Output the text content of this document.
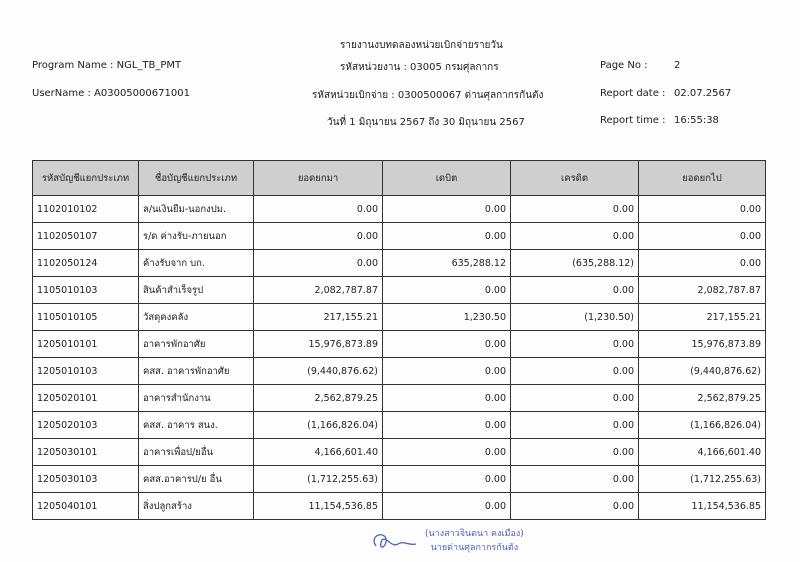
รายงานงบทดลองหน่วยเบิกจ่ายรายวัน
Program Name : NGL_TB_PMT
UserName : A03005000671001
รหัสหน่วยงาน : 03005 กรมศุลกากร
รหัสหน่วยเบิกจ่าย : 0300500067 ด่านศุลกากรกันตัง
วันที่ 1 มิถุนายน 2567 ถึง 30 มิถุนายน 2567
Page No :	2
Report date : 02.07.2567
Report time : 16:55:38
รหัสบัญชีแยกประเภท	ชื่อบัญชีแยกประเภท	ยอดยกมา	เดบิต	เครดิต	ยอดยกไป
1102010102	ล/นเงินยืม-นอกงปม.	0.00	0.00	0.00	0.00
1102050107	ร/ด ค่างรับ-ภายนอก	0.00	0.00	0.00	0.00
1102050124	ค้างรับจาก บก.	0.00	635,288.12	(635,288.12)	0.00
1105010103	สินค้าสำเร็จรูป	2,082,787.87	0.00	0.00	2,082,787.87
1105010105	วัสดุคงคลัง	217,155.21	1,230.50	(1,230.50)	217,155.21
1205010101	อาคารพักอาศัย	15,976,873.89	0.00	0.00	15,976,873.89
1205010103	คสส. อาคารพักอาศัย	(9,440,876.62)	0.00	0.00	(9,440,876.62)
1205020101	อาคารสำนักงาน	2,562,879.25	0.00	0.00	2,562,879.25
1205020103	คสส. อาคาร สนง.	(1,166,826.04)	0.00	0.00	(1,166,826.04)
1205030101	อาคารเพื่อป/ยอื่น	4,166,601.40	0.00	0.00	4,166,601.40
1205030103	คสส.อาคารป/ย อื่น	(1,712,255.63)	0.00	0.00	(1,712,255.63)
1205040101	สิ่งปลูกสร้าง	11,154,536.85	0.00	0.00	11,154,536.85
(นางสาวจินดนา คงเมือง)
นายด่านศุลกากรกันตัง
